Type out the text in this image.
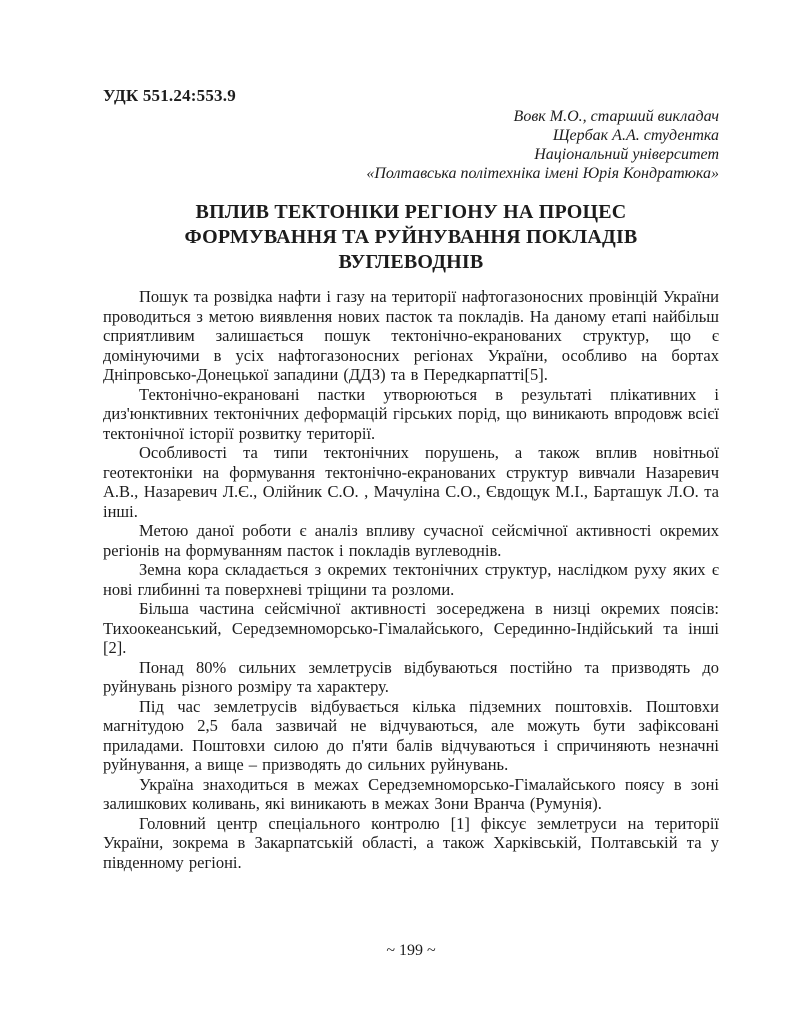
УДК 551.24:553.9
Вовк М.О., старший викладач
Щербак А.А. студентка
Національний університет
«Полтавська політехніка імені Юрія Кондратюка»
ВПЛИВ ТЕКТОНІКИ РЕГІОНУ НА ПРОЦЕС
ФОРМУВАННЯ ТА РУЙНУВАННЯ ПОКЛАДІВ
ВУГЛЕВОДНІВ

Пошук та розвідка нафти і газу на території нафтогазоносних провінцій України проводиться з метою виявлення нових пасток та покладів. На даному етапі найбільш сприятливим залишається пошук тектонічно-екранованих структур, що є домінуючими в усіх нафтогазоносних регіонах України, особливо на бортах Дніпровсько-Донецької западини (ДДЗ) та в Передкарпатті[5].

Тектонічно-екрановані пастки утворюються в результаті плікативних і диз'юнктивних тектонічних деформацій гірських порід, що виникають впродовж всієї тектонічної історії розвитку території.

Особливості та типи тектонічних порушень, а також вплив новітньої геотектоніки на формування тектонічно-екранованих структур вивчали Назаревич А.В., Назаревич Л.Є., Олійник С.О. , Мачуліна С.О., Євдощук М.І., Барташук Л.О. та інші.

Метою даної роботи є аналіз впливу сучасної сейсмічної активності окремих регіонів на формуванням пасток і покладів вуглеводнів.

Земна кора складається з окремих тектонічних структур, наслідком руху яких є нові глибинні та поверхневі тріщини та розломи.

Більша частина сейсмічної активності зосереджена в низці окремих поясів: Тихоокеанський, Середземноморсько-Гімалайського, Серединно-Індійський та інші [2].

Понад 80% сильних землетрусів відбуваються постійно та призводять до руйнувань різного розміру та характеру.

Під час землетрусів відбувається кілька підземних поштовхів. Поштовхи магнітудою 2,5 бала зазвичай не відчуваються, але можуть бути зафіксовані приладами. Поштовхи силою до п'яти балів відчуваються і спричиняють незначні руйнування, а вище – призводять до сильних руйнувань.

Україна знаходиться в межах Середземноморсько-Гімалайського поясу в зоні залишкових коливань, які виникають в межах Зони Вранча (Румунія).

Головний центр спеціального контролю [1] фіксує землетруси на території України, зокрема в Закарпатській області, а також Харківській, Полтавській та у південному регіоні.

~ 199 ~
